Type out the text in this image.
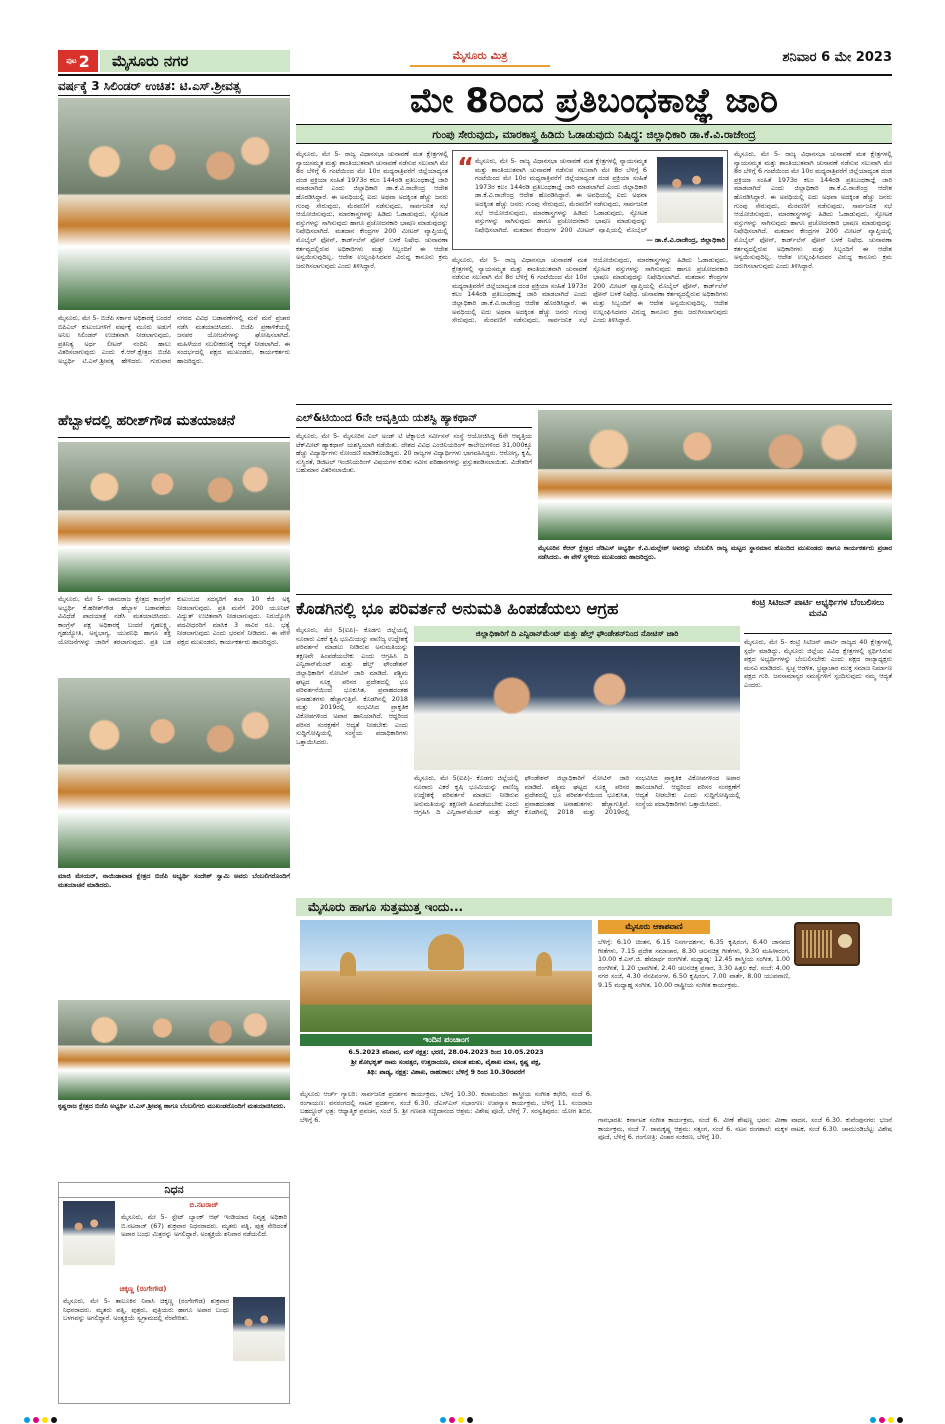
ಪುಟ 2	ಮೈಸೂರು ನಗರ	ಮೈಸೂರು ಮಿತ್ರ	ಶನಿವಾರ 6 ಮೇ 2023
ವರ್ಷಕ್ಕೆ 3 ಸಿಲಿಂಡರ್ ಉಚಿತ: ಟಿ.ಎಸ್.ಶ್ರೀವತ್ಸ
ಮೈಸೂರು, ಮೇ 5- ಬಿಜೆಪಿ ಸರ್ಕಾರ ಅಧಿಕಾರಕ್ಕೆ ಬಂದರೆ ಬಿಪಿಎಲ್ ಕುಟುಂಬಗಳಿಗೆ ವರ್ಷಕ್ಕೆ ಮೂರು ಅಡುಗೆ ಅನಿಲ ಸಿಲಿಂಡರ್ ಉಚಿತವಾಗಿ ನೀಡಲಾಗುವುದು, ಪ್ರತಿನಿತ್ಯ ಅರ್ಧ ಲೀಟರ್ ನಂದಿನಿ ಹಾಲು ವಿತರಿಸಲಾಗುವುದು ಎಂದು ಕೆ.ಆರ್.ಕ್ಷೇತ್ರದ ಬಿಜೆಪಿ ಅಭ್ಯರ್ಥಿ ಟಿ.ಎಸ್.ಶ್ರೀವತ್ಸ ಹೇಳಿದರು. ಗುರುವಾರ ನಗರದ ವಿವಿಧ ಬಡಾವಣೆಗಳಲ್ಲಿ ಮನೆ ಮನೆ ಪ್ರಚಾರ ನಡೆಸಿ ಮತಯಾಚಿಸಿದರು. ಬಿಜೆಪಿ ಪ್ರಣಾಳಿಕೆಯಲ್ಲಿ ಜನಪರ ಯೋಜನೆಗಳನ್ನು ಘೋಷಿಸಲಾಗಿದೆ. ಮಹಿಳೆಯರ ಸಬಲೀಕರಣಕ್ಕೆ ಆದ್ಯತೆ ನೀಡಲಾಗಿದೆ. ಈ ಸಂದರ್ಭದಲ್ಲಿ ಪಕ್ಷದ ಮುಖಂಡರು, ಕಾರ್ಯಕರ್ತರು ಹಾಜರಿದ್ದರು.
ಹೆಬ್ಬಾಳದಲ್ಲಿ ಹರೀಶ್‌ಗೌಡ ಮತಯಾಚನೆ
ಮೈಸೂರು, ಮೇ 5- ಚಾಮರಾಜ ಕ್ಷೇತ್ರದ ಕಾಂಗ್ರೆಸ್ ಅಭ್ಯರ್ಥಿ ಕೆ.ಹರೀಶ್‌ಗೌಡ ಹೆಬ್ಬಾಳ ಬಡಾವಣೆಯ ವಿವಿಧೆಡೆ ಪಾದಯಾತ್ರೆ ನಡೆಸಿ ಮತಯಾಚಿಸಿದರು. ಕಾಂಗ್ರೆಸ್ ಪಕ್ಷ ಅಧಿಕಾರಕ್ಕೆ ಬಂದರೆ ಗೃಹಲಕ್ಷ್ಮಿ, ಗೃಹಜ್ಯೋತಿ, ಅನ್ನಭಾಗ್ಯ, ಯುವನಿಧಿ ಹಾಗೂ ಶಕ್ತಿ ಯೋಜನೆಗಳನ್ನು ಜಾರಿಗೆ ತರಲಾಗುವುದು. ಪ್ರತಿ ಬಡ ಕುಟುಂಬದ ಸದಸ್ಯರಿಗೆ ತಲಾ 10 ಕೆಜಿ ಅಕ್ಕಿ ನೀಡಲಾಗುವುದು. ಪ್ರತಿ ಮನೆಗೆ 200 ಯೂನಿಟ್ ವಿದ್ಯುತ್ ಉಚಿತವಾಗಿ ನೀಡಲಾಗುವುದು. ನಿರುದ್ಯೋಗಿ ಪದವೀಧರರಿಗೆ ಮಾಸಿಕ 3 ಸಾವಿರ ರೂ. ಭತ್ಯೆ ನೀಡಲಾಗುವುದು ಎಂದು ಭರವಸೆ ನೀಡಿದರು. ಈ ವೇಳೆ ಪಕ್ಷದ ಮುಖಂಡರು, ಕಾರ್ಯಕರ್ತರು ಹಾಜರಿದ್ದರು.
ಮಾಜಿ ಮೇಯರ್, ನಾಯಿಡಾವಾಡ ಕ್ಷೇತ್ರದ ಬಿಜೆಪಿ ಅಭ್ಯರ್ಥಿ ಸಂದೇಶ್ ಸ್ವಾಮಿ ಅವರು ಬೆಂಬಲಿಗರೊಂದಿಗೆ ಮತಯಾಚನೆ ಮಾಡಿದರು.
ಕೃಷ್ಣರಾಜ ಕ್ಷೇತ್ರದ ಬಿಜೆಪಿ ಅಭ್ಯರ್ಥಿ ಟಿ.ಎಸ್.ಶ್ರೀವತ್ಸ ಹಾಗೂ ಬೆಂಬಲಿಗರು ಮುಖಂಡರೊಂದಿಗೆ ಮತಯಾಚಿಸಿದರು.
ನಿಧನ
ಬಿ.ನಟರಾಜ್
ಮೈಸೂರು, ಮೇ 5- ಸ್ಟೇಟ್ ಬ್ಯಾಂಕ್ ಆಫ್ ಇಂಡಿಯಾದ ನಿವೃತ್ತ ಅಧಿಕಾರಿ ಬಿ.ನಟರಾಜ್ (67) ಶುಕ್ರವಾರ ನಿಧನರಾದರು. ಮೃತರು ಪತ್ನಿ, ಪುತ್ರ ಸೇರಿದಂತೆ ಅಪಾರ ಬಂಧು ಮಿತ್ರರನ್ನು ಅಗಲಿದ್ದಾರೆ. ಅಂತ್ಯಕ್ರಿಯೆ ಶನಿವಾರ ನಡೆಯಲಿದೆ.
ಚಿಕ್ಕಣ್ಣ (ರಂಗೇಗೌಡ)
ಮೈಸೂರು, ಮೇ 5- ತಾಲೂಕಿನ ನಿವಾಸಿ ಚಿಕ್ಕಣ್ಣ (ರಂಗೇಗೌಡ) ಶುಕ್ರವಾರ ನಿಧನರಾದರು. ಮೃತರು ಪತ್ನಿ, ಪುತ್ರರು, ಪುತ್ರಿಯರು ಹಾಗೂ ಅಪಾರ ಬಂಧು ಬಳಗವನ್ನು ಅಗಲಿದ್ದಾರೆ. ಅಂತ್ಯಕ್ರಿಯೆ ಸ್ವಗ್ರಾಮದಲ್ಲಿ ನೆರವೇರಿತು.
ಮೇ 8ರಿಂದ ಪ್ರತಿಬಂಧಕಾಜ್ಞೆ ಜಾರಿ
ಗುಂಪು ಸೇರುವುದು, ಮಾರಕಾಸ್ತ್ರ ಹಿಡಿದು ಓಡಾಡುವುದು ನಿಷಿದ್ಧ: ಜಿಲ್ಲಾಧಿಕಾರಿ ಡಾ.ಕೆ.ವಿ.ರಾಜೇಂದ್ರ
“ ಮೈಸೂರು, ಮೇ 5- ರಾಜ್ಯ ವಿಧಾನಸಭಾ ಚುನಾವಣೆ ಮತ ಕ್ಷೇತ್ರಗಳಲ್ಲಿ ನ್ಯಾಯಸಮ್ಮತ ಮತ್ತು ಶಾಂತಿಯುತವಾಗಿ ಚುನಾವಣೆ ನಡೆಸುವ ಸಲುವಾಗಿ ಮೇ 8ರ ಬೆಳಿಗ್ಗೆ 6 ಗಂಟೆಯಿಂದ ಮೇ 10ರ ಮಧ್ಯರಾತ್ರಿವರೆಗೆ ಜಿಲ್ಲೆಯಾದ್ಯಂತ ದಂಡ ಪ್ರಕ್ರಿಯಾ ಸಂಹಿತೆ 1973ರ ಕಲಂ 144ರಡಿ ಪ್ರತಿಬಂಧಕಾಜ್ಞೆ ಜಾರಿ ಮಾಡಲಾಗಿದೆ ಎಂದು ಜಿಲ್ಲಾಧಿಕಾರಿ ಡಾ.ಕೆ.ವಿ.ರಾಜೇಂದ್ರ ಆದೇಶ ಹೊರಡಿಸಿದ್ದಾರೆ. ಈ ಅವಧಿಯಲ್ಲಿ ಐದು ಅಥವಾ ಅದಕ್ಕಿಂತ ಹೆಚ್ಚು ಜನರು ಗುಂಪು ಸೇರುವುದು, ಮೆರವಣಿಗೆ ನಡೆಸುವುದು, ಸಾರ್ವಜನಿಕ ಸಭೆ ಆಯೋಜಿಸುವುದು, ಮಾರಕಾಸ್ತ್ರಗಳನ್ನು ಹಿಡಿದು ಓಡಾಡುವುದು, ಸ್ಫೋಟಕ ವಸ್ತುಗಳನ್ನು ಸಾಗಿಸುವುದು ಹಾಗೂ ಪ್ರಚೋದನಕಾರಿ ಭಾಷಣ ಮಾಡುವುದನ್ನು ನಿಷೇಧಿಸಲಾಗಿದೆ. ಮತದಾನ ಕೇಂದ್ರಗಳ 200 ಮೀಟರ್ ವ್ಯಾಪ್ತಿಯಲ್ಲಿ ಮೊಬೈಲ್
— ಡಾ.ಕೆ.ವಿ.ರಾಜೇಂದ್ರ, ಜಿಲ್ಲಾಧಿಕಾರಿ
ಮೈಸೂರು, ಮೇ 5- ರಾಜ್ಯ ವಿಧಾನಸಭಾ ಚುನಾವಣೆ ಮತ ಕ್ಷೇತ್ರಗಳಲ್ಲಿ ನ್ಯಾಯಸಮ್ಮತ ಮತ್ತು ಶಾಂತಿಯುತವಾಗಿ ಚುನಾವಣೆ ನಡೆಸುವ ಸಲುವಾಗಿ ಮೇ 8ರ ಬೆಳಿಗ್ಗೆ 6 ಗಂಟೆಯಿಂದ ಮೇ 10ರ ಮಧ್ಯರಾತ್ರಿವರೆಗೆ ಜಿಲ್ಲೆಯಾದ್ಯಂತ ದಂಡ ಪ್ರಕ್ರಿಯಾ ಸಂಹಿತೆ 1973ರ ಕಲಂ 144ರಡಿ ಪ್ರತಿಬಂಧಕಾಜ್ಞೆ ಜಾರಿ ಮಾಡಲಾಗಿದೆ ಎಂದು ಜಿಲ್ಲಾಧಿಕಾರಿ ಡಾ.ಕೆ.ವಿ.ರಾಜೇಂದ್ರ ಆದೇಶ ಹೊರಡಿಸಿದ್ದಾರೆ. ಈ ಅವಧಿಯಲ್ಲಿ ಐದು ಅಥವಾ ಅದಕ್ಕಿಂತ ಹೆಚ್ಚು ಜನರು ಗುಂಪು ಸೇರುವುದು, ಮೆರವಣಿಗೆ ನಡೆಸುವುದು, ಸಾರ್ವಜನಿಕ ಸಭೆ ಆಯೋಜಿಸುವುದು, ಮಾರಕಾಸ್ತ್ರಗಳನ್ನು ಹಿಡಿದು ಓಡಾಡುವುದು, ಸ್ಫೋಟಕ ವಸ್ತುಗಳನ್ನು ಸಾಗಿಸುವುದು ಹಾಗೂ ಪ್ರಚೋದನಕಾರಿ ಭಾಷಣ ಮಾಡುವುದನ್ನು ನಿಷೇಧಿಸಲಾಗಿದೆ. ಮತದಾನ ಕೇಂದ್ರಗಳ 200 ಮೀಟರ್ ವ್ಯಾಪ್ತಿಯಲ್ಲಿ ಮೊಬೈಲ್ ಫೋನ್, ಕಾರ್ಡ್‌ಲೆಸ್ ಫೋನ್ ಬಳಕೆ ನಿಷೇಧ. ಚುನಾವಣಾ ಕರ್ತವ್ಯದಲ್ಲಿರುವ ಅಧಿಕಾರಿಗಳು ಮತ್ತು ಸಿಬ್ಬಂದಿಗೆ ಈ ಆದೇಶ ಅನ್ವಯಿಸುವುದಿಲ್ಲ. ಆದೇಶ ಉಲ್ಲಂಘಿಸಿದವರ ವಿರುದ್ಧ ಕಾನೂನು ಕ್ರಮ ಜರುಗಿಸಲಾಗುವುದು ಎಂದು ತಿಳಿಸಿದ್ದಾರೆ.
ಮೈಸೂರು, ಮೇ 5- ರಾಜ್ಯ ವಿಧಾನಸಭಾ ಚುನಾವಣೆ ಮತ ಕ್ಷೇತ್ರಗಳಲ್ಲಿ ನ್ಯಾಯಸಮ್ಮತ ಮತ್ತು ಶಾಂತಿಯುತವಾಗಿ ಚುನಾವಣೆ ನಡೆಸುವ ಸಲುವಾಗಿ ಮೇ 8ರ ಬೆಳಿಗ್ಗೆ 6 ಗಂಟೆಯಿಂದ ಮೇ 10ರ ಮಧ್ಯರಾತ್ರಿವರೆಗೆ ಜಿಲ್ಲೆಯಾದ್ಯಂತ ದಂಡ ಪ್ರಕ್ರಿಯಾ ಸಂಹಿತೆ 1973ರ ಕಲಂ 144ರಡಿ ಪ್ರತಿಬಂಧಕಾಜ್ಞೆ ಜಾರಿ ಮಾಡಲಾಗಿದೆ ಎಂದು ಜಿಲ್ಲಾಧಿಕಾರಿ ಡಾ.ಕೆ.ವಿ.ರಾಜೇಂದ್ರ ಆದೇಶ ಹೊರಡಿಸಿದ್ದಾರೆ. ಈ ಅವಧಿಯಲ್ಲಿ ಐದು ಅಥವಾ ಅದಕ್ಕಿಂತ ಹೆಚ್ಚು ಜನರು ಗುಂಪು ಸೇರುವುದು, ಮೆರವಣಿಗೆ ನಡೆಸುವುದು, ಸಾರ್ವಜನಿಕ ಸಭೆ ಆಯೋಜಿಸುವುದು, ಮಾರಕಾಸ್ತ್ರಗಳನ್ನು ಹಿಡಿದು ಓಡಾಡುವುದು, ಸ್ಫೋಟಕ ವಸ್ತುಗಳನ್ನು ಸಾಗಿಸುವುದು ಹಾಗೂ ಪ್ರಚೋದನಕಾರಿ ಭಾಷಣ ಮಾಡುವುದನ್ನು ನಿಷೇಧಿಸಲಾಗಿದೆ. ಮತದಾನ ಕೇಂದ್ರಗಳ 200 ಮೀಟರ್ ವ್ಯಾಪ್ತಿಯಲ್ಲಿ ಮೊಬೈಲ್ ಫೋನ್, ಕಾರ್ಡ್‌ಲೆಸ್ ಫೋನ್ ಬಳಕೆ ನಿಷೇಧ. ಚುನಾವಣಾ ಕರ್ತವ್ಯದಲ್ಲಿರುವ ಅಧಿಕಾರಿಗಳು ಮತ್ತು ಸಿಬ್ಬಂದಿಗೆ ಈ ಆದೇಶ ಅನ್ವಯಿಸುವುದಿಲ್ಲ. ಆದೇಶ ಉಲ್ಲಂಘಿಸಿದವರ ವಿರುದ್ಧ ಕಾನೂನು ಕ್ರಮ ಜರುಗಿಸಲಾಗುವುದು ಎಂದು ತಿಳಿಸಿದ್ದಾರೆ.
ಮೈಸೂರು, ಮೇ 5- ರಾಜ್ಯ ವಿಧಾನಸಭಾ ಚುನಾವಣೆ ಮತ ಕ್ಷೇತ್ರಗಳಲ್ಲಿ ನ್ಯಾಯಸಮ್ಮತ ಮತ್ತು ಶಾಂತಿಯುತವಾಗಿ ಚುನಾವಣೆ ನಡೆಸುವ ಸಲುವಾಗಿ ಮೇ 8ರ ಬೆಳಿಗ್ಗೆ 6 ಗಂಟೆಯಿಂದ ಮೇ 10ರ ಮಧ್ಯರಾತ್ರಿವರೆಗೆ ಜಿಲ್ಲೆಯಾದ್ಯಂತ ದಂಡ ಪ್ರಕ್ರಿಯಾ ಸಂಹಿತೆ 1973ರ ಕಲಂ 144ರಡಿ ಪ್ರತಿಬಂಧಕಾಜ್ಞೆ ಜಾರಿ ಮಾಡಲಾಗಿದೆ ಎಂದು ಜಿಲ್ಲಾಧಿಕಾರಿ ಡಾ.ಕೆ.ವಿ.ರಾಜೇಂದ್ರ ಆದೇಶ ಹೊರಡಿಸಿದ್ದಾರೆ. ಈ ಅವಧಿಯಲ್ಲಿ ಐದು ಅಥವಾ ಅದಕ್ಕಿಂತ ಹೆಚ್ಚು ಜನರು ಗುಂಪು ಸೇರುವುದು, ಮೆರವಣಿಗೆ ನಡೆಸುವುದು, ಸಾರ್ವಜನಿಕ ಸಭೆ ಆಯೋಜಿಸುವುದು, ಮಾರಕಾಸ್ತ್ರಗಳನ್ನು ಹಿಡಿದು ಓಡಾಡುವುದು, ಸ್ಫೋಟಕ ವಸ್ತುಗಳನ್ನು ಸಾಗಿಸುವುದು ಹಾಗೂ ಪ್ರಚೋದನಕಾರಿ ಭಾಷಣ ಮಾಡುವುದನ್ನು ನಿಷೇಧಿಸಲಾಗಿದೆ. ಮತದಾನ ಕೇಂದ್ರಗಳ 200 ಮೀಟರ್ ವ್ಯಾಪ್ತಿಯಲ್ಲಿ ಮೊಬೈಲ್ ಫೋನ್, ಕಾರ್ಡ್‌ಲೆಸ್ ಫೋನ್ ಬಳಕೆ ನಿಷೇಧ. ಚುನಾವಣಾ ಕರ್ತವ್ಯದಲ್ಲಿರುವ ಅಧಿಕಾರಿಗಳು ಮತ್ತು ಸಿಬ್ಬಂದಿಗೆ ಈ ಆದೇಶ ಅನ್ವಯಿಸುವುದಿಲ್ಲ. ಆದೇಶ ಉಲ್ಲಂಘಿಸಿದವರ ವಿರುದ್ಧ ಕಾನೂನು ಕ್ರಮ ಜರುಗಿಸಲಾಗುವುದು ಎಂದು ತಿಳಿಸಿದ್ದಾರೆ.
ಎಲ್&ಟಿಯಿಂದ 6ನೇ ಆವೃತ್ತಿಯ ಯಶಸ್ವಿ ಹ್ಯಾಕಥಾನ್
ಮೈಸೂರು, ಮೇ 5- ಮೈಸೂರಿನ ಎಲ್ ಅಂಡ್ ಟಿ ಟೆಕ್ನಾಲಜಿ ಸರ್ವೀಸಸ್ ಸಂಸ್ಥೆ ಆಯೋಜಿಸಿದ್ದ 6ನೇ ಆವೃತ್ತಿಯ ಟೆಕ್‌ಮೀಟ್ ಹ್ಯಾಕಥಾನ್ ಯಶಸ್ವಿಯಾಗಿ ನಡೆಯಿತು. ದೇಶದ ವಿವಿಧ ಎಂಜಿನಿಯರಿಂಗ್ ಕಾಲೇಜುಗಳಿಂದ 31,000ಕ್ಕೂ ಹೆಚ್ಚು ವಿದ್ಯಾರ್ಥಿಗಳು ನೋಂದಣಿ ಮಾಡಿಕೊಂಡಿದ್ದರು. 20 ರಾಜ್ಯಗಳ ವಿದ್ಯಾರ್ಥಿಗಳು ಭಾಗವಹಿಸಿದ್ದರು. ಆರೋಗ್ಯ, ಕೃಷಿ, ಸುಸ್ಥಿರತೆ, ಡಿಜಿಟಲ್ ಇಂಜಿನಿಯರಿಂಗ್ ವಿಷಯಗಳ ಕುರಿತು ನವೀನ ಪರಿಹಾರಗಳನ್ನು ಪ್ರಸ್ತುತಪಡಿಸಲಾಯಿತು. ವಿಜೇತರಿಗೆ ಬಹುಮಾನ ವಿತರಿಸಲಾಯಿತು.
ಮೈಸೂರಿನ ಕೆಆರ್ ಕ್ಷೇತ್ರದ ಜೆಡಿಎಸ್ ಅಭ್ಯರ್ಥಿ ಕೆ.ವಿ.ಮಲ್ಲೇಶ್ ಅವರನ್ನು ಬೆಂಬಲಿಸಿ ರಾಜ್ಯ ಮಟ್ಟದ ಸ್ಥಾನಮಾನ ಹೊಂದಿದ ಮುಖಂಡರು ಹಾಗೂ ಕಾರ್ಯಕರ್ತರು ಪ್ರಚಾರ ನಡೆಸಿದರು. ಈ ವೇಳೆ ಸ್ಥಳೀಯ ಮುಖಂಡರು ಹಾಜರಿದ್ದರು.
ಕೊಡಗಿನಲ್ಲಿ ಭೂ ಪರಿವರ್ತನೆ ಅನುಮತಿ ಹಿಂಪಡೆಯಲು ಆಗ್ರಹ
ಮೈಸೂರು, ಮೇ 5(ಐಪಿ)- ಕೊಡಗು ಜಿಲ್ಲೆಯಲ್ಲಿ ನೂರಾರು ಎಕರೆ ಕೃಷಿ ಭೂಮಿಯನ್ನು ವಾಣಿಜ್ಯ ಉದ್ದೇಶಕ್ಕೆ ಪರಿವರ್ತನೆ ಮಾಡಲು ನೀಡಿರುವ ಅನುಮತಿಯನ್ನು ತಕ್ಷಣವೇ ಹಿಂಪಡೆಯಬೇಕು ಎಂದು ಆಗ್ರಹಿಸಿ ದಿ ಎನ್ವಿರಾನ್‌ಮೆಂಟ್ ಮತ್ತು ಹೆಲ್ತ್ ಫೌಂಡೇಶನ್ ಜಿಲ್ಲಾಧಿಕಾರಿಗೆ ನೋಟಿಸ್ ಜಾರಿ ಮಾಡಿದೆ. ಪಶ್ಚಿಮ ಘಟ್ಟದ ಸೂಕ್ಷ್ಮ ಪರಿಸರ ಪ್ರದೇಶದಲ್ಲಿ ಭೂ ಪರಿವರ್ತನೆಯಿಂದ ಭೂಕುಸಿತ, ಪ್ರವಾಹದಂತಹ ಅನಾಹುತಗಳು ಹೆಚ್ಚಾಗುತ್ತಿವೆ. ಕೊಡಗಿನಲ್ಲಿ 2018 ಮತ್ತು 2019ರಲ್ಲಿ ಸಂಭವಿಸಿದ ಪ್ರಾಕೃತಿಕ ವಿಕೋಪಗಳಿಂದ ಅಪಾರ ಹಾನಿಯಾಗಿದೆ. ಆದ್ದರಿಂದ ಪರಿಸರ ಸಂರಕ್ಷಣೆಗೆ ಆದ್ಯತೆ ನೀಡಬೇಕು ಎಂದು ಸುದ್ದಿಗೋಷ್ಠಿಯಲ್ಲಿ ಸಂಸ್ಥೆಯ ಪದಾಧಿಕಾರಿಗಳು ಒತ್ತಾಯಿಸಿದರು.
ಜಿಲ್ಲಾಧಿಕಾರಿಗೆ ದಿ ಎನ್ವಿರಾನ್‌ಮೆಂಟ್ ಮತ್ತು ಹೆಲ್ತ್ ಫೌಂಡೇಶನ್‌ನಿಂದ ನೋಟಿಸ್ ಜಾರಿ
ಮೈಸೂರು, ಮೇ 5(ಐಪಿ)- ಕೊಡಗು ಜಿಲ್ಲೆಯಲ್ಲಿ ನೂರಾರು ಎಕರೆ ಕೃಷಿ ಭೂಮಿಯನ್ನು ವಾಣಿಜ್ಯ ಉದ್ದೇಶಕ್ಕೆ ಪರಿವರ್ತನೆ ಮಾಡಲು ನೀಡಿರುವ ಅನುಮತಿಯನ್ನು ತಕ್ಷಣವೇ ಹಿಂಪಡೆಯಬೇಕು ಎಂದು ಆಗ್ರಹಿಸಿ ದಿ ಎನ್ವಿರಾನ್‌ಮೆಂಟ್ ಮತ್ತು ಹೆಲ್ತ್ ಫೌಂಡೇಶನ್ ಜಿಲ್ಲಾಧಿಕಾರಿಗೆ ನೋಟಿಸ್ ಜಾರಿ ಮಾಡಿದೆ. ಪಶ್ಚಿಮ ಘಟ್ಟದ ಸೂಕ್ಷ್ಮ ಪರಿಸರ ಪ್ರದೇಶದಲ್ಲಿ ಭೂ ಪರಿವರ್ತನೆಯಿಂದ ಭೂಕುಸಿತ, ಪ್ರವಾಹದಂತಹ ಅನಾಹುತಗಳು ಹೆಚ್ಚಾಗುತ್ತಿವೆ. ಕೊಡಗಿನಲ್ಲಿ 2018 ಮತ್ತು 2019ರಲ್ಲಿ ಸಂಭವಿಸಿದ ಪ್ರಾಕೃತಿಕ ವಿಕೋಪಗಳಿಂದ ಅಪಾರ ಹಾನಿಯಾಗಿದೆ. ಆದ್ದರಿಂದ ಪರಿಸರ ಸಂರಕ್ಷಣೆಗೆ ಆದ್ಯತೆ ನೀಡಬೇಕು ಎಂದು ಸುದ್ದಿಗೋಷ್ಠಿಯಲ್ಲಿ ಸಂಸ್ಥೆಯ ಪದಾಧಿಕಾರಿಗಳು ಒತ್ತಾಯಿಸಿದರು.
ಕಂಟ್ರಿ ಸಿಟಿಜನ್ ಪಾರ್ಟಿ ಅಭ್ಯರ್ಥಿಗಳ ಬೆಂಬಲಿಸಲು ಮನವಿ
ಮೈಸೂರು, ಮೇ 5- ಕಂಟ್ರಿ ಸಿಟಿಜನ್ ಪಾರ್ಟಿ ರಾಜ್ಯದ 40 ಕ್ಷೇತ್ರಗಳಲ್ಲಿ ಸ್ಪರ್ಧೆ ಮಾಡಿದ್ದು, ಮೈಸೂರು ಜಿಲ್ಲೆಯ ವಿವಿಧ ಕ್ಷೇತ್ರಗಳಲ್ಲಿ ಸ್ಪರ್ಧಿಸಿರುವ ಪಕ್ಷದ ಅಭ್ಯರ್ಥಿಗಳನ್ನು ಬೆಂಬಲಿಸಬೇಕು ಎಂದು ಪಕ್ಷದ ರಾಜ್ಯಾಧ್ಯಕ್ಷರು ಮನವಿ ಮಾಡಿದರು. ಸ್ವಚ್ಛ ಆಡಳಿತ, ಭ್ರಷ್ಟಾಚಾರ ಮುಕ್ತ ಸಮಾಜ ನಿರ್ಮಾಣ ಪಕ್ಷದ ಗುರಿ. ಜನಸಾಮಾನ್ಯರ ಸಮಸ್ಯೆಗಳಿಗೆ ಸ್ಪಂದಿಸುವುದು ನಮ್ಮ ಆದ್ಯತೆ ಎಂದರು.
ಮೈಸೂರು ಹಾಗೂ ಸುತ್ತಮುತ್ತ ಇಂದು...
ಇಂದಿನ ಪಂಚಾಂಗ
6.5.2023 ಶನಿವಾರ, ಮಳೆ ನಕ್ಷತ್ರ: ಭರಣಿ, 28.04.2023 ರಿಂದ 10.05.2023
ಶ್ರೀ ಶೋಭಕೃತ್ ನಾಮ ಸಂವತ್ಸರ, ಉತ್ತರಾಯಣ, ವಸಂತ ಋತು, ವೈಶಾಖ ಮಾಸ, ಕೃಷ್ಣ ಪಕ್ಷ,
ತಿಥಿ: ಪಾಡ್ಯ, ನಕ್ಷತ್ರ: ವಿಶಾಖ, ರಾಹುಕಾಲ: ಬೆಳಿಗ್ಗೆ 9 ರಿಂದ 10.30ರವರೆಗೆ
ಮೈಸೂರು ಆಕಾಶವಾಣಿ
ಬೆಳಿಗ್ಗೆ: 6.10 ಚಿಂತನ, 6.15 ನಿಸರ್ಗದರ್ಶನ, 6.35 ಕೃಷಿರಂಗ, 6.40 ಜಾನಪದ ಗೀತೆಗಳು, 7.15 ಪ್ರದೇಶ ಸಮಾಚಾರ, 8.30 ಚಲನಚಿತ್ರ ಗೀತೆಗಳು, 9.30 ಮಹಿಳಾರಂಗ, 10.00 ಕೆ.ಎಸ್.ಜಿ. ಹೆಮಾರ್ಥ ರಂಗಗೀತೆ. ಮಧ್ಯಾಹ್ನ: 12.45 ಶಾಸ್ತ್ರೀಯ ಸಂಗೀತ, 1.00 ರಂಗಗೀತೆ, 1.20 ಭಾವಗೀತೆ, 2.40 ಚಲನಚಿತ್ರ ಪ್ರಸಾರ, 3.30 ಹಿತ್ತಲ ಕಥೆ. ಸಂಜೆ: 4.00 ನಗರ ಸಂಜೆ, 4.30 ನೆನಪಿನಂಗಳ, 6.50 ಕೃಷಿರಂಗ, 7.00 ವಾರ್ತೆ, 8.00 ಯುವವಾಣಿ, 9.15 ಮಧ್ಯಾಹ್ನ ಸಂಗೀತ, 10.00 ರಾಷ್ಟ್ರೀಯ ಸಂಗೀತ ಕಾರ್ಯಕ್ರಮ.
ಮೈಸೂರು ಆರ್ಚ್ ಗ್ಯಾಲರಿ: ಸಾರ್ವಜನಿಕ ಪ್ರದರ್ಶನ ಕಾರ್ಯಕ್ರಮ, ಬೆಳಿಗ್ಗೆ 10.30. ಕಲಾಮಂದಿರ: ಶಾಸ್ತ್ರೀಯ ಸಂಗೀತ ಕಛೇರಿ, ಸಂಜೆ 6. ರಂಗಾಯಣ: ವನರಂಗದಲ್ಲಿ ನಾಟಕ ಪ್ರದರ್ಶನ, ಸಂಜೆ 6.30. ಜೆಎಸ್‌ಎಸ್ ಸಭಾಂಗಣ: ಉಪನ್ಯಾಸ ಕಾರ್ಯಕ್ರಮ, ಬೆಳಿಗ್ಗೆ 11. ನಂಜರಾಜ ಬಹದ್ದೂರ್ ಛತ್ರ: ಆಧ್ಯಾತ್ಮಿಕ ಪ್ರವಚನ, ಸಂಜೆ 5. ಶ್ರೀ ಗಣಪತಿ ಸಚ್ಚಿದಾನಂದ ಆಶ್ರಮ: ವಿಶೇಷ ಪೂಜೆ, ಬೆಳಿಗ್ಗೆ 7. ಸರಸ್ವತಿಪುರಂ: ಯೋಗ ಶಿಬಿರ, ಬೆಳಿಗ್ಗೆ 6.	ಗಾನಭಾರತಿ: ಕರ್ನಾಟಕ ಸಂಗೀತ ಕಾರ್ಯಕ್ರಮ, ಸಂಜೆ 6. ವೀಣೆ ಶೇಷಣ್ಣ ಭವನ: ವೀಣಾ ವಾದನ, ಸಂಜೆ 6.30. ಕುವೆಂಪುನಗರ: ಭಜನೆ ಕಾರ್ಯಕ್ರಮ, ಸಂಜೆ 7. ರಾಮಕೃಷ್ಣ ಆಶ್ರಮ: ಸತ್ಸಂಗ, ಸಂಜೆ 6. ನಟನ ರಂಗಶಾಲೆ: ಮಕ್ಕಳ ನಾಟಕ, ಸಂಜೆ 6.30. ಚಾಮುಂಡಿಬೆಟ್ಟ: ವಿಶೇಷ ಪೂಜೆ, ಬೆಳಿಗ್ಗೆ 6. ಗಂಗೋತ್ರಿ: ವಿಚಾರ ಸಂಕಿರಣ, ಬೆಳಿಗ್ಗೆ 10.
